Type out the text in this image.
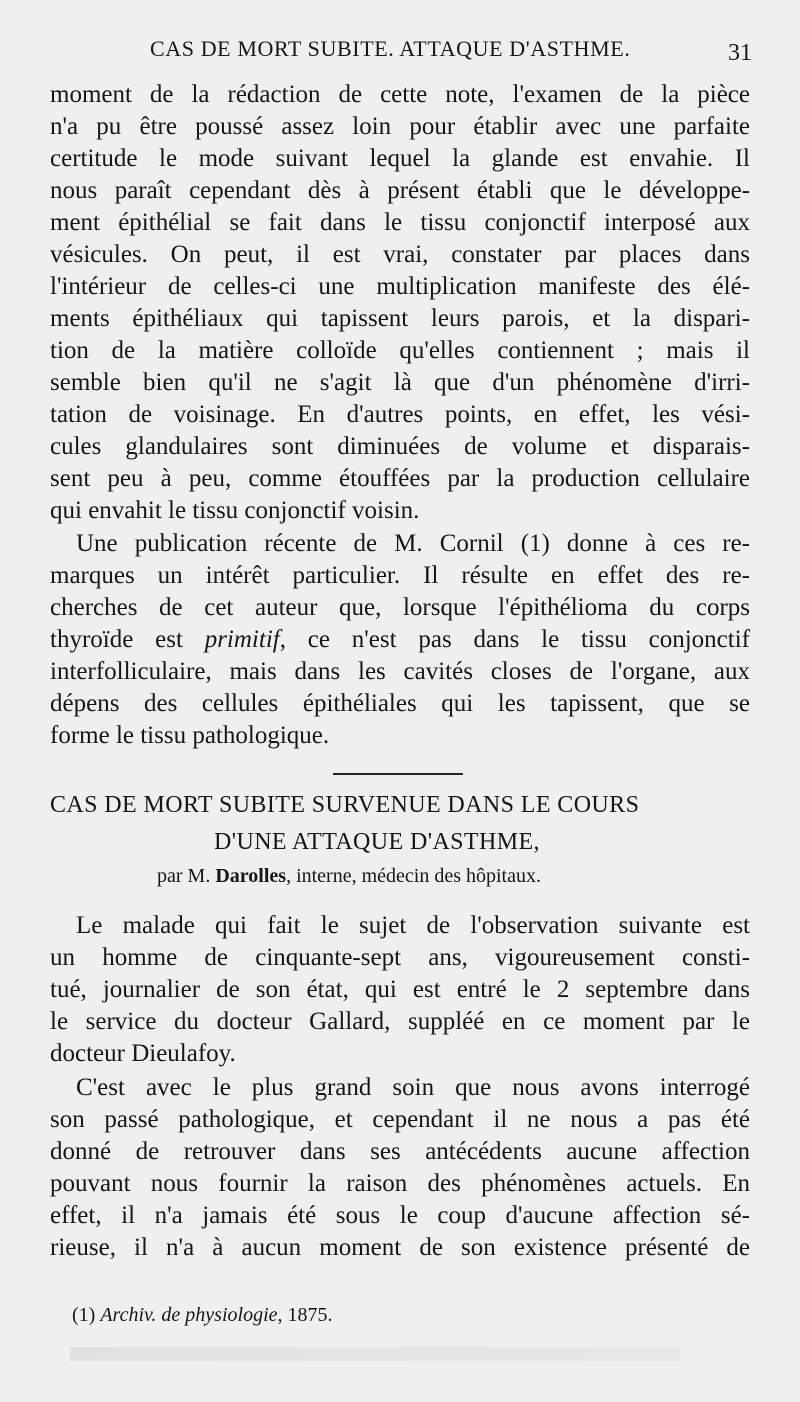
CAS DE MORT SUBITE. ATTAQUE D'ASTHME.	31
moment de la rédaction de cette note, l'examen de la pièce
n'a pu être poussé assez loin pour établir avec une parfaite
certitude le mode suivant lequel la glande est envahie. Il
nous paraît cependant dès à présent établi que le développe-
ment épithélial se fait dans le tissu conjonctif interposé aux
vésicules. On peut, il est vrai, constater par places dans
l'intérieur de celles-ci une multiplication manifeste des élé-
ments épithéliaux qui tapissent leurs parois, et la dispari-
tion de la matière colloïde qu'elles contiennent ; mais il
semble bien qu'il ne s'agit là que d'un phénomène d'irri-
tation de voisinage. En d'autres points, en effet, les vési-
cules glandulaires sont diminuées de volume et disparais-
sent peu à peu, comme étouffées par la production cellulaire
qui envahit le tissu conjonctif voisin.
Une publication récente de M. Cornil (1) donne à ces re-
marques un intérêt particulier. Il résulte en effet des re-
cherches de cet auteur que, lorsque l'épithélioma du corps
thyroïde est primitif, ce n'est pas dans le tissu conjonctif
interfolliculaire, mais dans les cavités closes de l'organe, aux
dépens des cellules épithéliales qui les tapissent, que se
forme le tissu pathologique.
CAS DE MORT SUBITE SURVENUE DANS LE COURS
D'UNE ATTAQUE D'ASTHME,
par M. Darolles, interne, médecin des hôpitaux.
Le malade qui fait le sujet de l'observation suivante est
un homme de cinquante-sept ans, vigoureusement consti-
tué, journalier de son état, qui est entré le 2 septembre dans
le service du docteur Gallard, suppléé en ce moment par le
docteur Dieulafoy.
C'est avec le plus grand soin que nous avons interrogé
son passé pathologique, et cependant il ne nous a pas été
donné de retrouver dans ses antécédents aucune affection
pouvant nous fournir la raison des phénomènes actuels. En
effet, il n'a jamais été sous le coup d'aucune affection sé-
rieuse, il n'a à aucun moment de son existence présenté de
(1) Archiv. de physiologie, 1875.
